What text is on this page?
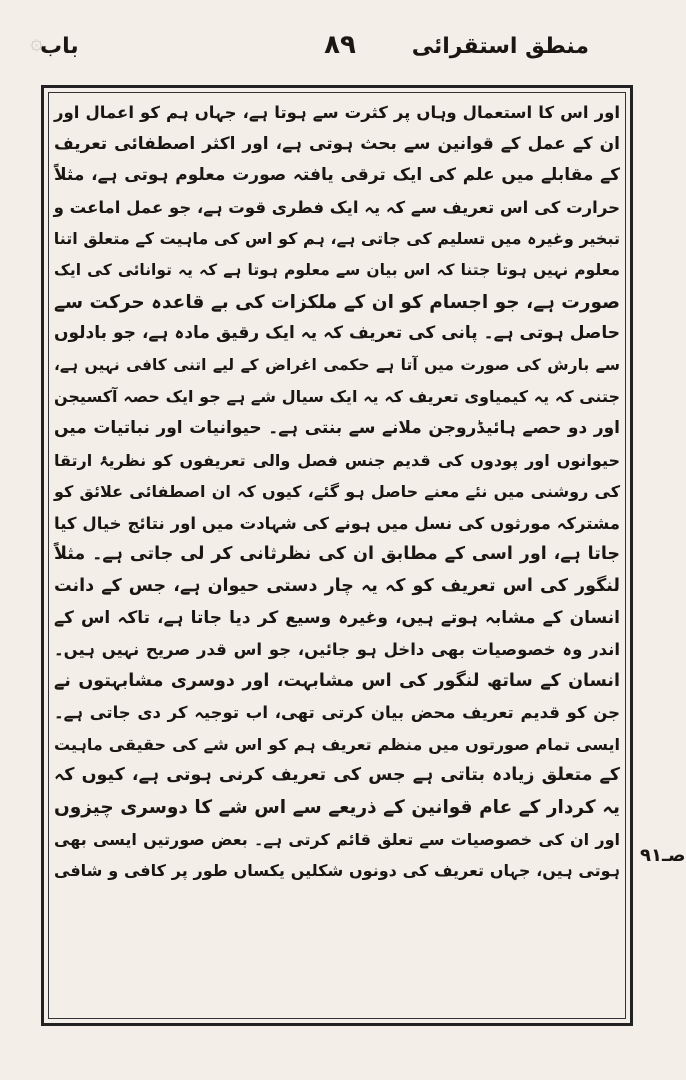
۞
باب	۸۹	منطق استقرائی
اور اس کا استعمال وہاں پر کثرت سے ہوتا ہے، جہاں ہم کو اعمال اور
ان کے عمل کے قوانین سے بحث ہوتی ہے، اور اکثر اصطفائی تعریف
کے مقابلے میں علم کی ایک ترقی یافتہ صورت معلوم ہوتی ہے، مثلاً
حرارت کی اس تعریف سے کہ یہ ایک فطری قوت ہے، جو عمل اماعت و
تبخیر وغیرہ میں تسلیم کی جاتی ہے، ہم کو اس کی ماہیت کے متعلق اتنا
معلوم نہیں ہوتا جتنا کہ اس بیان سے معلوم ہوتا ہے کہ یہ توانائی کی ایک
صورت ہے، جو اجسام کو ان کے ملکزات کی بے قاعدہ حرکت سے
حاصل ہوتی ہے۔ پانی کی تعریف کہ یہ ایک رقیق مادہ ہے، جو بادلوں
سے بارش کی صورت میں آتا ہے حکمی اغراض کے لیے اتنی کافی نہیں ہے،
جتنی کہ یہ کیمیاوی تعریف کہ یہ ایک سیال شے ہے جو ایک حصہ آکسیجن
اور دو حصے ہائیڈروجن ملانے سے بنتی ہے۔ حیوانیات اور نباتیات میں
حیوانوں اور پودوں کی قدیم جنس فصل والی تعریفوں کو نظریۂ ارتقا
کی روشنی میں نئے معنے حاصل ہو گئے، کیوں کہ ان اصطفائی علائق کو
مشترکہ مورثوں کی نسل میں ہونے کی شہادت میں اور نتائج خیال کیا
جاتا ہے، اور اسی کے مطابق ان کی نظرثانی کر لی جاتی ہے۔ مثلاً
لنگور کی اس تعریف کو کہ یہ چار دستی حیوان ہے، جس کے دانت
انسان کے مشابہ ہوتے ہیں، وغیرہ وسیع کر دیا جاتا ہے، تاکہ اس کے
اندر وہ خصوصیات بھی داخل ہو جائیں، جو اس قدر صریح نہیں ہیں۔
انسان کے ساتھ لنگور کی اس مشابہت، اور دوسری مشابہتوں نے
جن کو قدیم تعریف محض بیان کرتی تھی، اب توجیہ کر دی جاتی ہے۔
ایسی تمام صورتوں میں منظم تعریف ہم کو اس شے کی حقیقی ماہیت
کے متعلق زیادہ بتاتی ہے جس کی تعریف کرنی ہوتی ہے، کیوں کہ
یہ کردار کے عام قوانین کے ذریعے سے اس شے کا دوسری چیزوں
اور ان کی خصوصیات سے تعلق قائم کرتی ہے۔ بعض صورتیں ایسی بھی
ہوتی ہیں، جہاں تعریف کی دونوں شکلیں یکساں طور پر کافی و شافی
صـ۹۱
